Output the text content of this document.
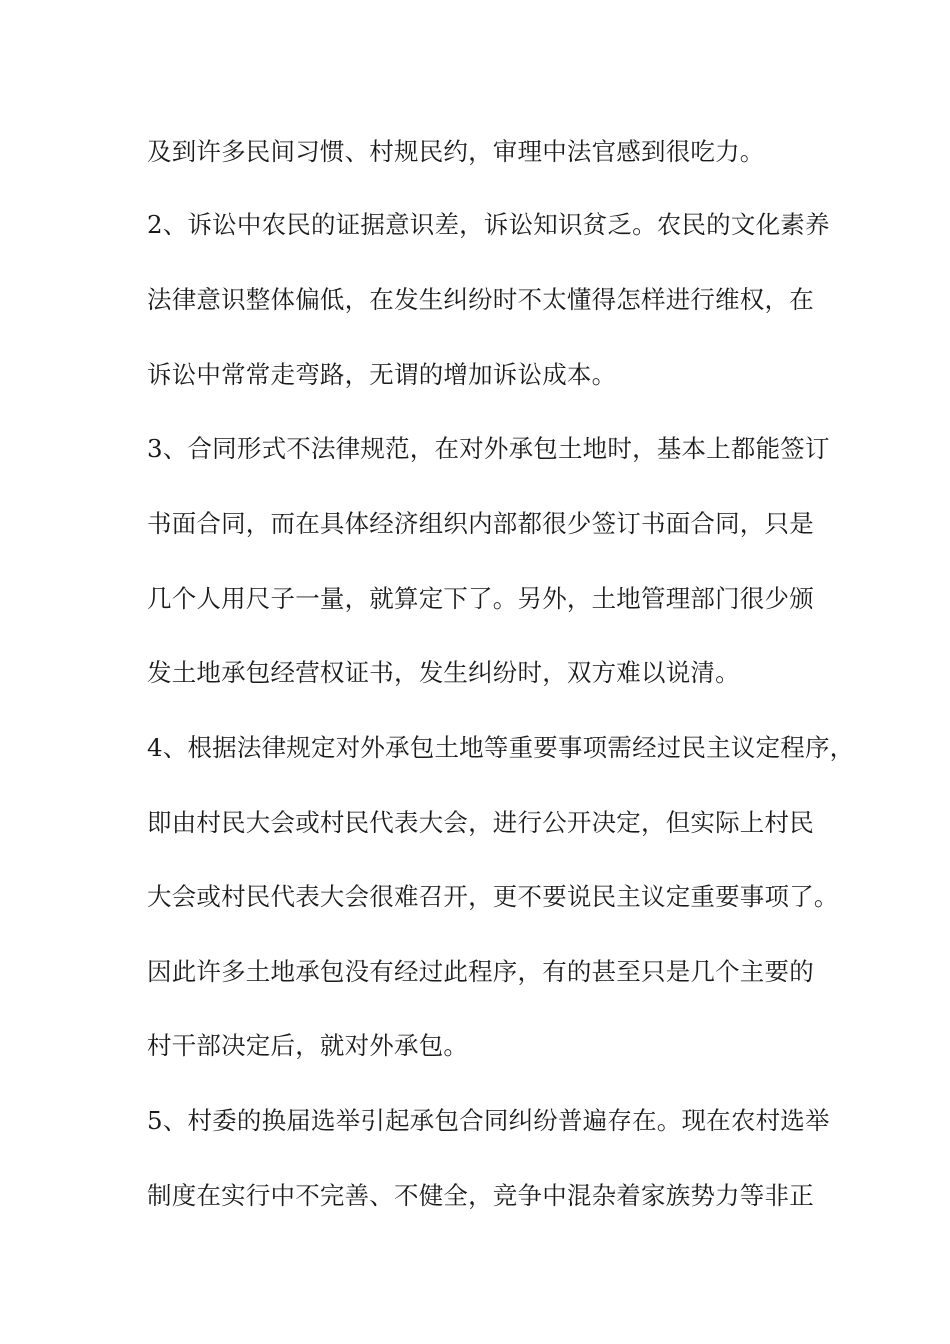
及到许多民间习惯、村规民约，审理中法官感到很吃力。
2、诉讼中农民的证据意识差，诉讼知识贫乏。农民的文化素养
法律意识整体偏低，在发生纠纷时不太懂得怎样进行维权，在
诉讼中常常走弯路，无谓的增加诉讼成本。
3、合同形式不法律规范，在对外承包土地时，基本上都能签订
书面合同，而在具体经济组织内部都很少签订书面合同，只是
几个人用尺子一量，就算定下了。另外，土地管理部门很少颁
发土地承包经营权证书，发生纠纷时，双方难以说清。
4、根据法律规定对外承包土地等重要事项需经过民主议定程序，
即由村民大会或村民代表大会，进行公开决定，但实际上村民
大会或村民代表大会很难召开，更不要说民主议定重要事项了。
因此许多土地承包没有经过此程序，有的甚至只是几个主要的
村干部决定后，就对外承包。
5、村委的换届选举引起承包合同纠纷普遍存在。现在农村选举
制度在实行中不完善、不健全，竞争中混杂着家族势力等非正
